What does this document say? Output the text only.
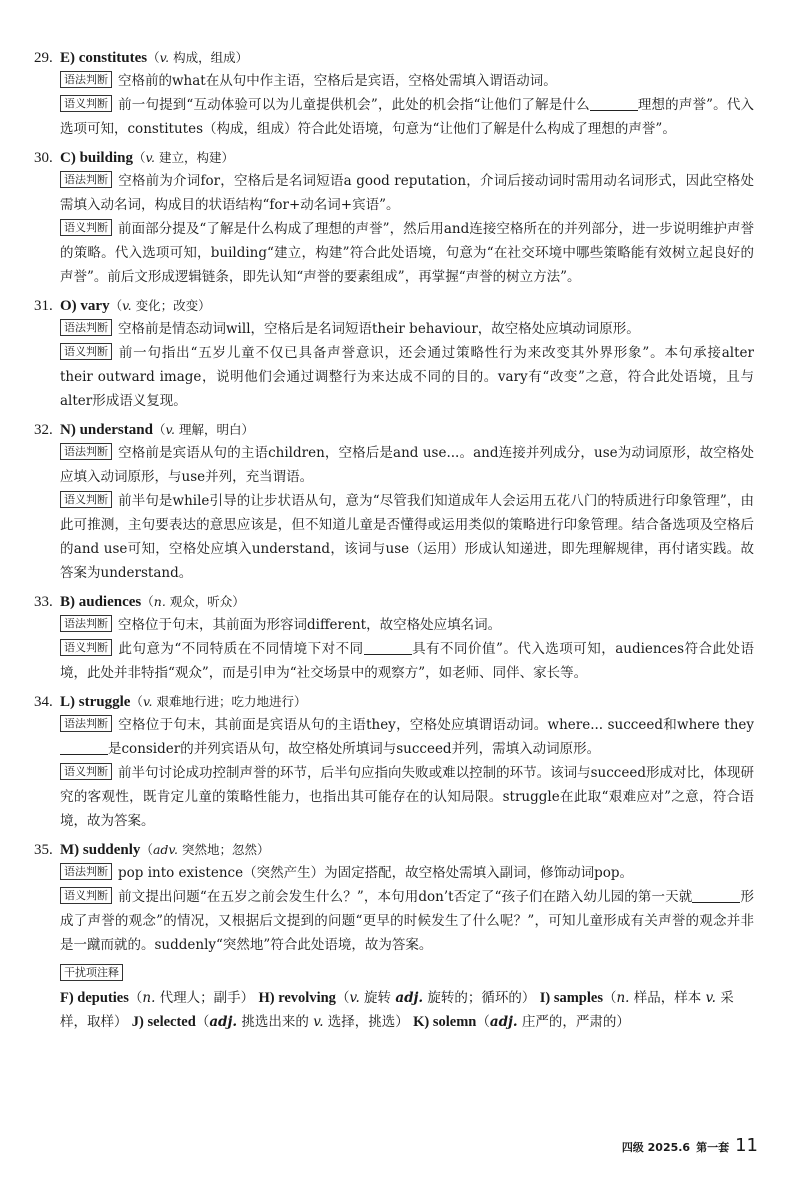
29. E) constitutes（v. 构成，组成）

语法判断 空格前的what在从句中作主语，空格后是宾语，空格处需填入谓语动词。

语义判断 前一句提到“互动体验可以为儿童提供机会”，此处的机会指“让他们了解是什么	理想的声誉”。代入选项可知，constitutes（构成，组成）符合此处语境，句意为“让他们了解是什么构成了理想的声誉”。

30. C) building（v. 建立，构建）

语法判断 空格前为介词for，空格后是名词短语a good reputation，介词后接动词时需用动名词形式，因此空格处需填入动名词，构成目的状语结构“for+动名词+宾语”。

语义判断 前面部分提及“了解是什么构成了理想的声誉”，然后用and连接空格所在的并列部分，进一步说明维护声誉的策略。代入选项可知，building“建立，构建”符合此处语境，句意为“在社交环境中哪些策略能有效树立起良好的声誉”。前后文形成逻辑链条，即先认知“声誉的要素组成”，再掌握“声誉的树立方法”。

31. O) vary（v. 变化；改变）

语法判断 空格前是情态动词will，空格后是名词短语their behaviour，故空格处应填动词原形。

语义判断 前一句指出“五岁儿童不仅已具备声誉意识，还会通过策略性行为来改变其外界形象”。本句承接alter their outward image，说明他们会通过调整行为来达成不同的目的。vary有“改变”之意，符合此处语境，且与alter形成语义复现。

32. N) understand（v. 理解，明白）

语法判断 空格前是宾语从句的主语children，空格后是and use...。and连接并列成分，use为动词原形，故空格处应填入动词原形，与use并列，充当谓语。

语义判断 前半句是while引导的让步状语从句，意为“尽管我们知道成年人会运用五花八门的特质进行印象管理”，由此可推测，主句要表达的意思应该是，但不知道儿童是否懂得或运用类似的策略进行印象管理。结合备选项及空格后的and use可知，空格处应填入understand，该词与use（运用）形成认知递进，即先理解规律，再付诸实践。故答案为understand。

33. B) audiences（n. 观众，听众）

语法判断 空格位于句末，其前面为形容词different，故空格处应填名词。

语义判断 此句意为“不同特质在不同情境下对不同	具有不同价值”。代入选项可知，audiences符合此处语境，此处并非特指“观众”，而是引申为“社交场景中的观察方”，如老师、同伴、家长等。

34. L) struggle（v. 艰难地行进；吃力地进行）

语法判断 空格位于句末，其前面是宾语从句的主语they，空格处应填谓语动词。where... succeed和where they是consider的并列宾语从句，故空格处所填词与succeed并列，需填入动词原形。

语义判断 前半句讨论成功控制声誉的环节，后半句应指向失败或难以控制的环节。该词与succeed形成对比，体现研究的客观性，既肯定儿童的策略性能力，也指出其可能存在的认知局限。struggle在此取“艰难应对”之意，符合语境，故为答案。

35. M) suddenly（adv. 突然地；忽然）

语法判断 pop into existence（突然产生）为固定搭配，故空格处需填入副词，修饰动词pop。

语义判断 前文提出问题“在五岁之前会发生什么？”，本句用don’t否定了“孩子们在踏入幼儿园的第一天就	形成了声誉的观念”的情况，又根据后文提到的问题“更早的时候发生了什么呢？”，可知儿童形成有关声誉的观念并非是一蹴而就的。suddenly“突然地”符合此处语境，故为答案。

干扰项注释

F) deputies（n. 代理人；副手） H) revolving（v. 旋转 adj. 旋转的；循环的） I) samples（n. 样品，样本 v. 采样，取样） J) selected（adj. 挑选出来的 v. 选择，挑选） K) solemn（adj. 庄严的，严肃的）

四级 2025.6 第一套 11
